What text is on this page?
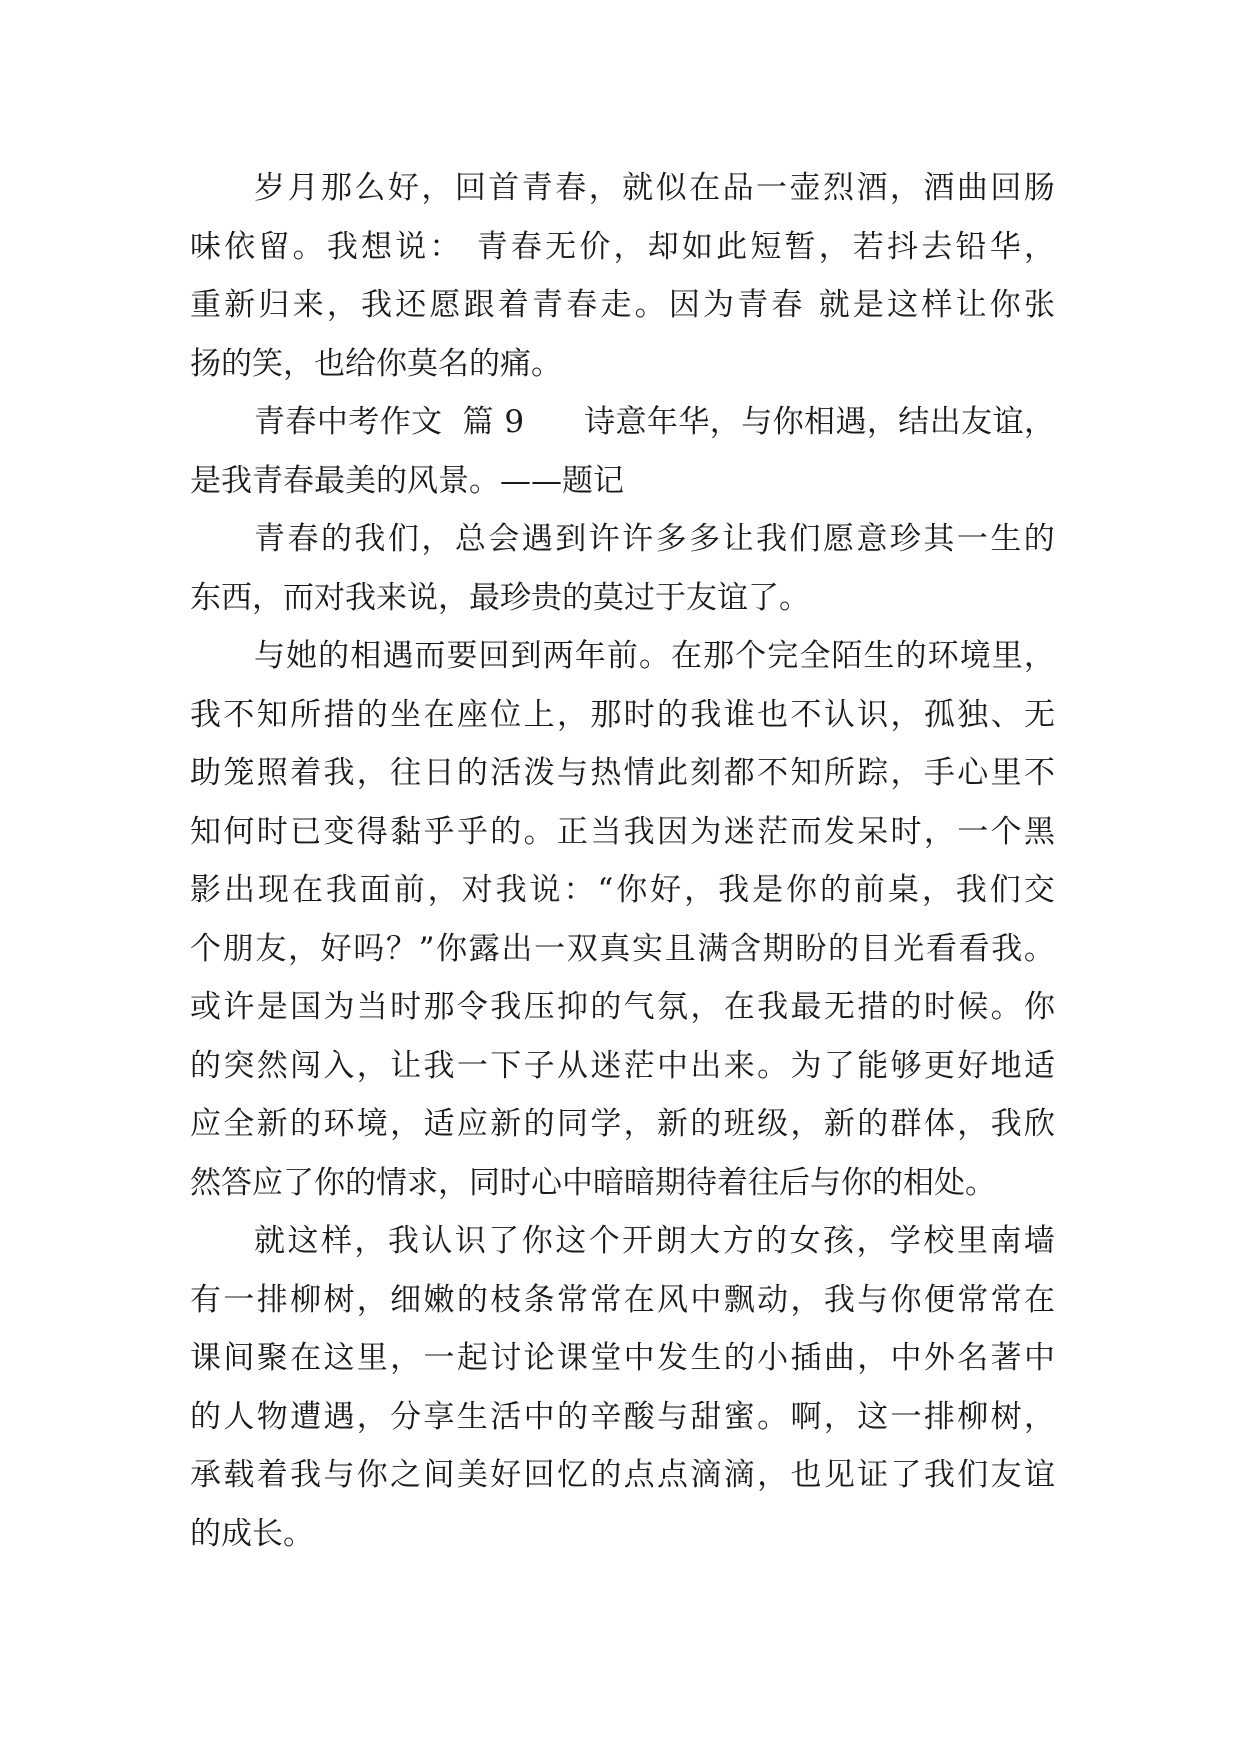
岁 月 那 么 好 ， 回 首 青 春 ， 就 似 在 品 一 壶 烈 酒 ， 酒 曲 回 肠
味 依 留 。 我 想 说 ：
青 春 无 价 ， 却 如 此 短 暂 ， 若 抖 去 铅 华 ，
重 新 归 来 ， 我 还 愿 跟 着 青 春 走 。 因 为 青 春
就 是 这 样 让 你 张
扬的笑，也给你莫名的痛。
青 春 中 考 作 文
篇
9
诗 意 年 华 ， 与 你 相 遇 ， 结 出 友 谊 ，
是我青春最美的风景。——题记
青 春 的 我 们 ， 总 会 遇 到 许 许 多 多 让 我 们 愿 意 珍 其 一 生 的
东西，而对我来说，最珍贵的莫过于友谊了。
与 她 的 相 遇 而 要 回 到 两 年 前 。 在 那 个 完 全 陌 生 的 环 境 里 ，
我 不 知 所 措 的 坐 在 座 位 上 ， 那 时 的 我 谁 也 不 认 识 ， 孤 独 、 无
助 笼 照 着 我 ， 往 日 的 活 泼 与 热 情 此 刻 都 不 知 所 踪 ， 手 心 里 不
知 何 时 已 变 得 黏 乎 乎 的 。 正 当 我 因 为 迷 茫 而 发 呆 时 ， 一 个 黑
影 出 现 在 我 面 前 ， 对 我 说 ： “ 你 好 ， 我 是 你 的 前 桌 ， 我 们 交
个 朋 友 ， 好 吗 ？ ” 你 露 出 一 双 真 实 且 满 含 期 盼 的 目 光 看 看 我 。
或 许 是 国 为 当 时 那 令 我 压 抑 的 气 氛 ， 在 我 最 无 措 的 时 候 。 你
的 突 然 闯 入 ， 让 我 一 下 子 从 迷 茫 中 出 来 。 为 了 能 够 更 好 地 适
应 全 新 的 环 境 ， 适 应 新 的 同 学 ， 新 的 班 级 ， 新 的 群 体 ， 我 欣
然答应了你的情求，同时心中暗暗期待着往后与你的相处。
就 这 样 ， 我 认 识 了 你 这 个 开 朗 大 方 的 女 孩 ， 学 校 里 南 墙
有 一 排 柳 树 ， 细 嫩 的 枝 条 常 常 在 风 中 飘 动 ， 我 与 你 便 常 常 在
课 间 聚 在 这 里 ， 一 起 讨 论 课 堂 中 发 生 的 小 插 曲 ， 中 外 名 著 中
的 人 物 遭 遇 ， 分 享 生 活 中 的 辛 酸 与 甜 蜜 。 啊 ， 这 一 排 柳 树 ，
承 载 着 我 与 你 之 间 美 好 回 忆 的 点 点 滴 滴 ， 也 见 证 了 我 们 友 谊
的成长。
